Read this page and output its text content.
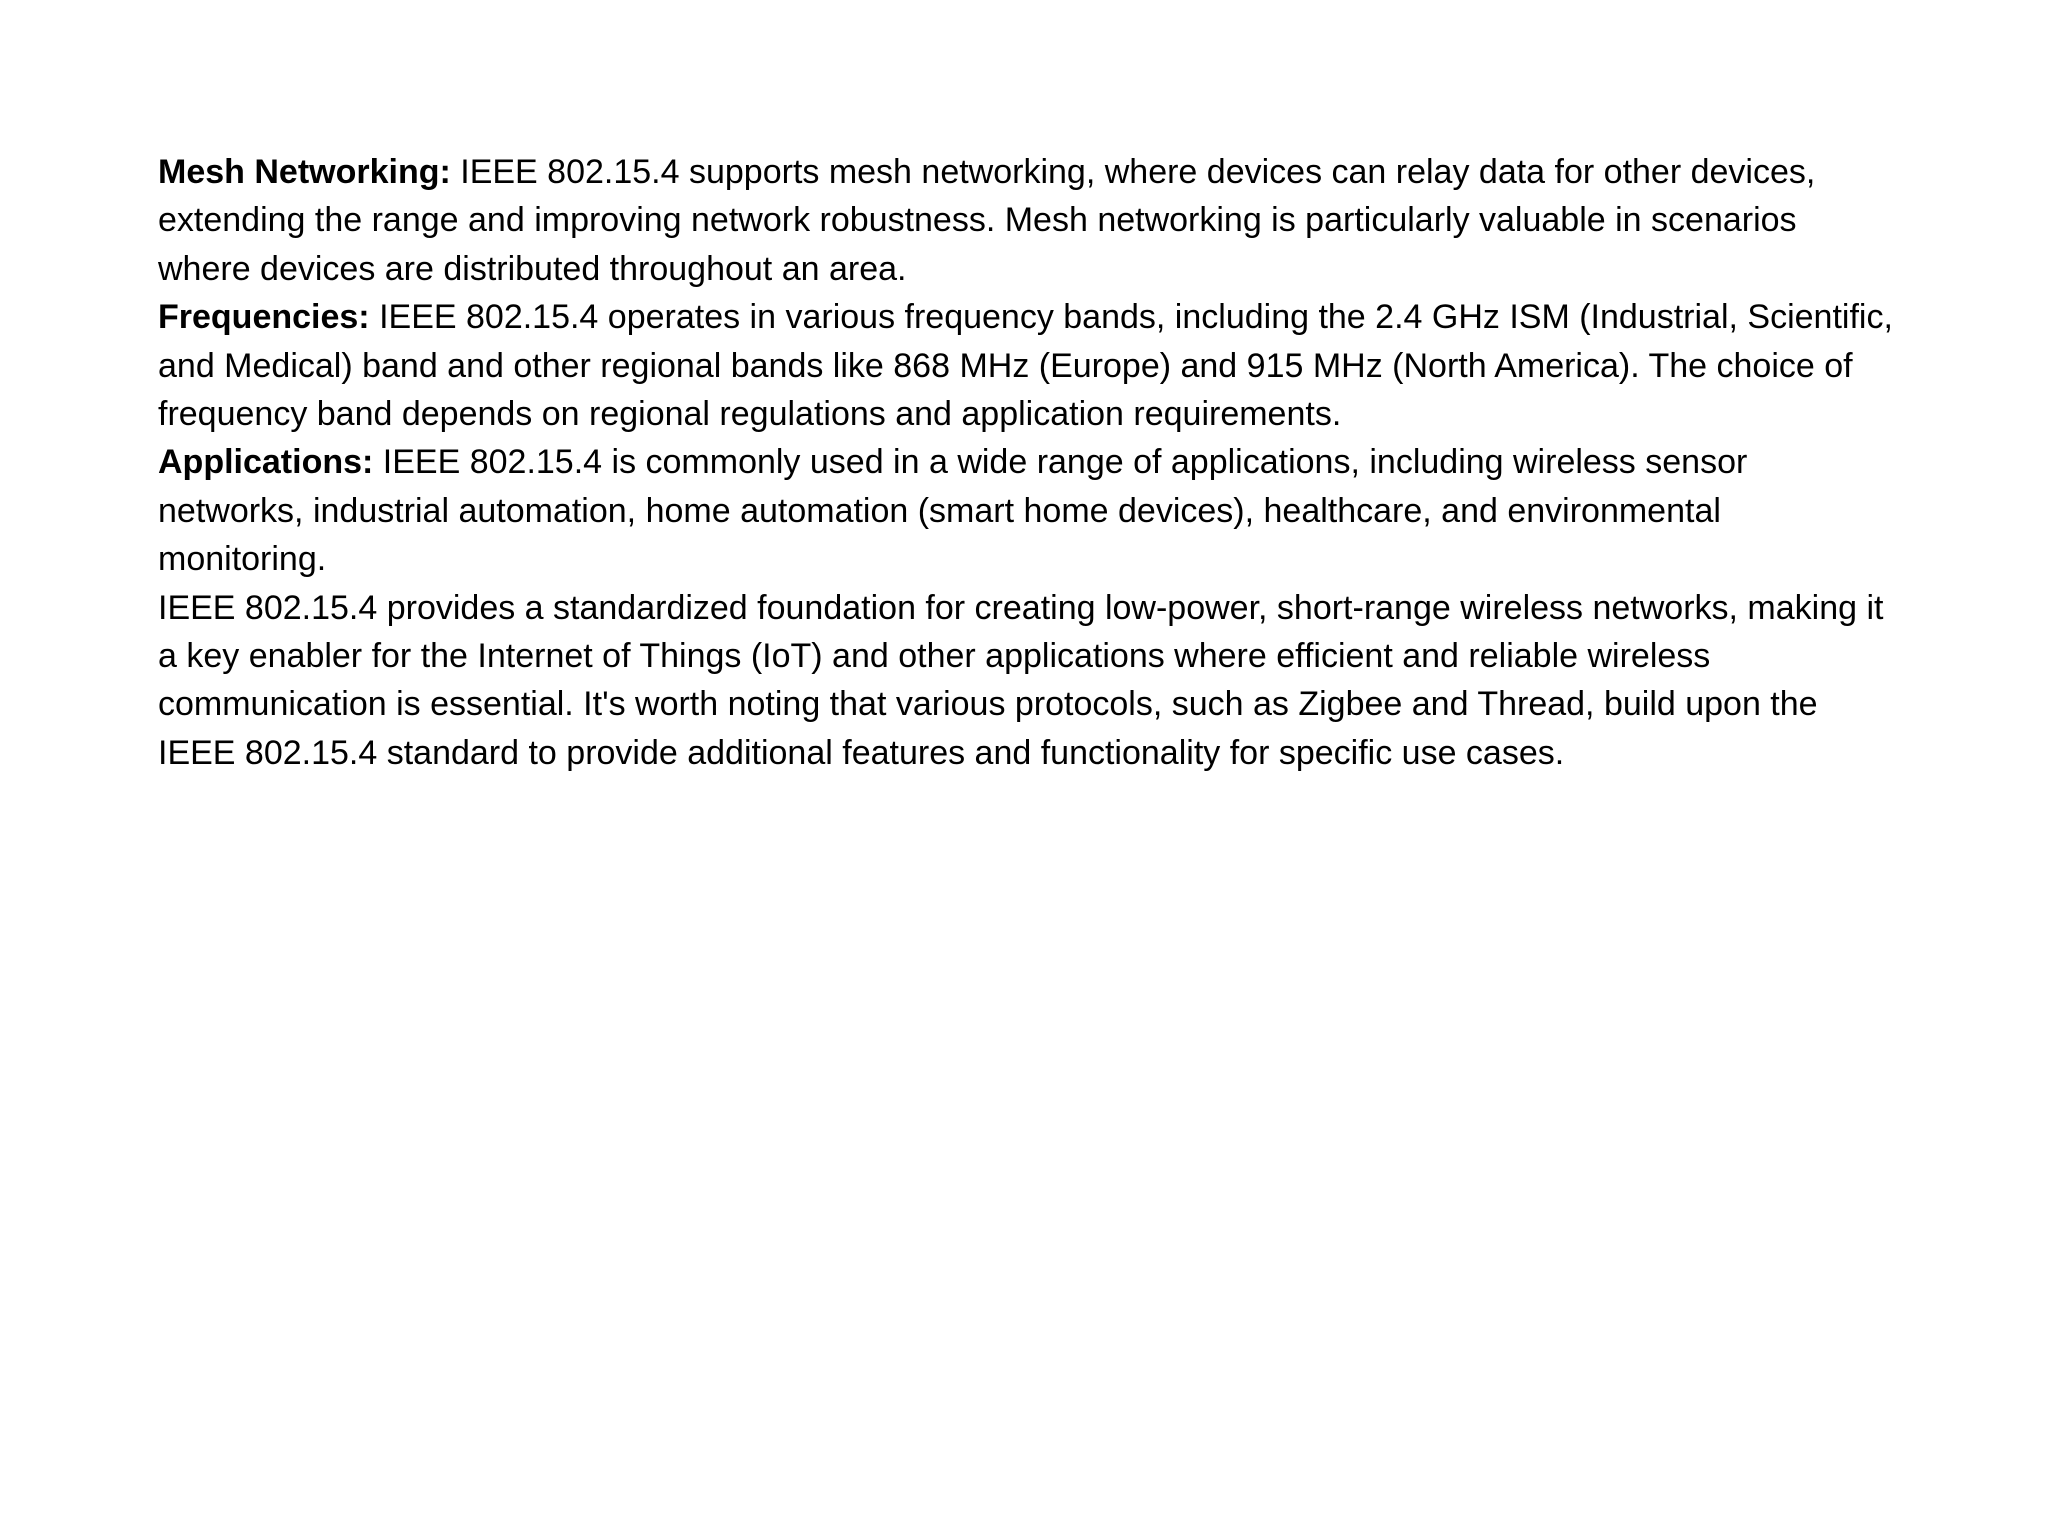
Mesh Networking: IEEE 802.15.4 supports mesh networking, where devices can relay data for other devices, extending the range and improving network robustness. Mesh networking is particularly valuable in scenarios where devices are distributed throughout an area.

Frequencies: IEEE 802.15.4 operates in various frequency bands, including the 2.4 GHz ISM (Industrial, Scientific, and Medical) band and other regional bands like 868 MHz (Europe) and 915 MHz (North America). The choice of frequency band depends on regional regulations and application requirements.

Applications: IEEE 802.15.4 is commonly used in a wide range of applications, including wireless sensor networks, industrial automation, home automation (smart home devices), healthcare, and environmental monitoring.

IEEE 802.15.4 provides a standardized foundation for creating low-power, short-range wireless networks, making it a key enabler for the Internet of Things (IoT) and other applications where efficient and reliable wireless communication is essential. It's worth noting that various protocols, such as Zigbee and Thread, build upon the IEEE 802.15.4 standard to provide additional features and functionality for specific use cases.
